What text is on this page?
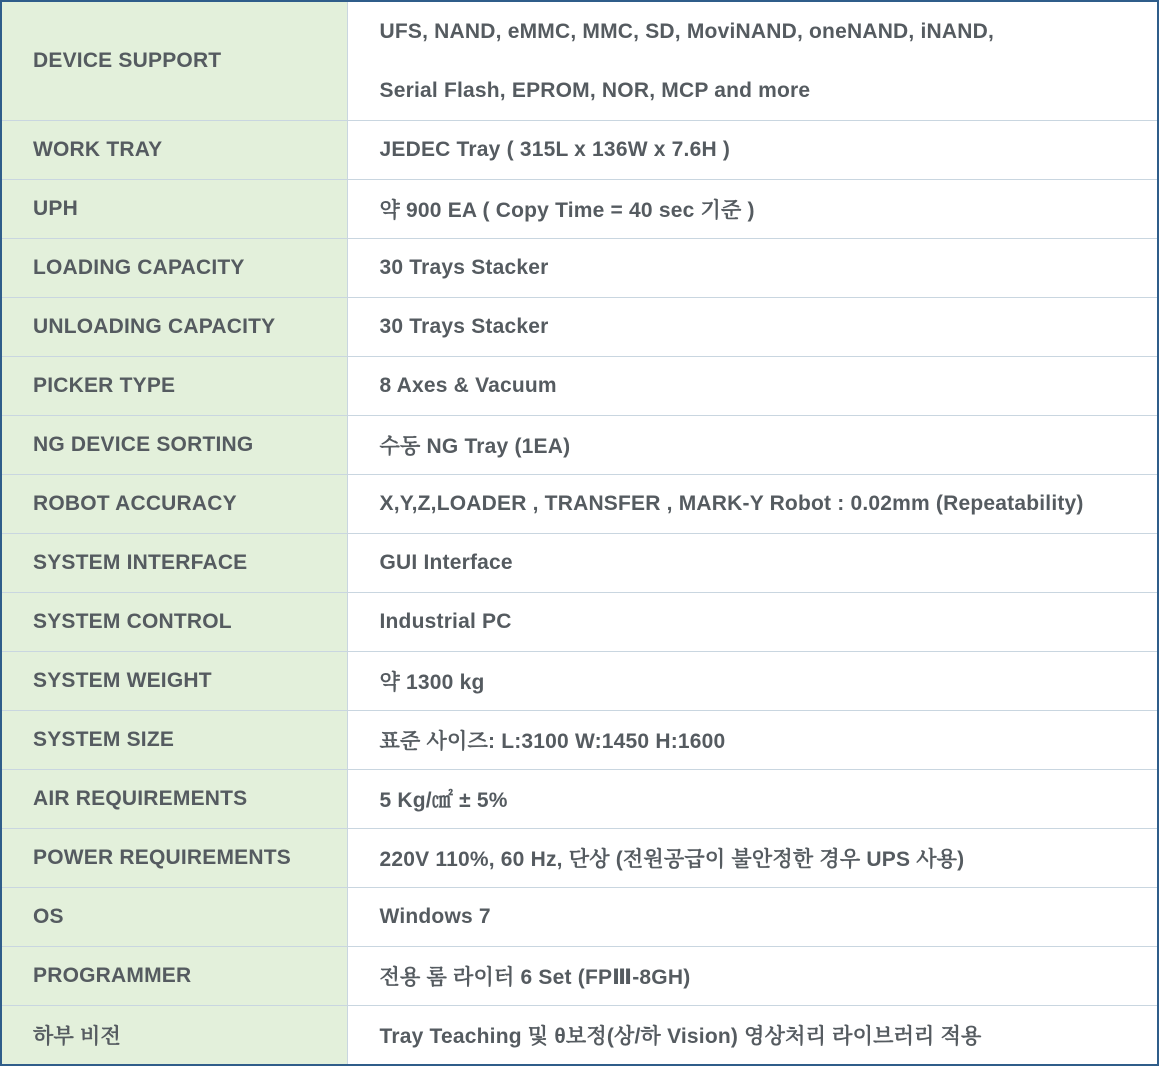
DEVICE SUPPORT	UFS, NAND, eMMC, MMC, SD, MoviNAND, oneNAND, iNAND,
Serial Flash, EPROM, NOR, MCP and more

WORK TRAY	JEDEC Tray ( 315L x 136W x 7.6H )
UPH	약 900 EA ( Copy Time = 40 sec 기준 )
LOADING CAPACITY	30 Trays Stacker
UNLOADING CAPACITY	30 Trays Stacker
PICKER TYPE	8 Axes & Vacuum
NG DEVICE SORTING	수동 NG Tray (1EA)
ROBOT ACCURACY	X,Y,Z,LOADER , TRANSFER , MARK-Y Robot : 0.02mm (Repeatability)
SYSTEM INTERFACE	GUI Interface
SYSTEM CONTROL	Industrial PC
SYSTEM WEIGHT	약 1300 kg
SYSTEM SIZE	표준 사이즈: L:3100 W:1450 H:1600
AIR REQUIREMENTS	5 Kg/㎠ ± 5%
POWER REQUIREMENTS	220V 110%, 60 Hz, 단상 (전원공급이 불안정한 경우 UPS 사용)
OS	Windows 7
PROGRAMMER	전용 롬 라이터 6 Set (FPⅢ-8GH)
하부 비전	Tray Teaching 및 θ보정(상/하 Vision) 영상처리 라이브러리 적용
